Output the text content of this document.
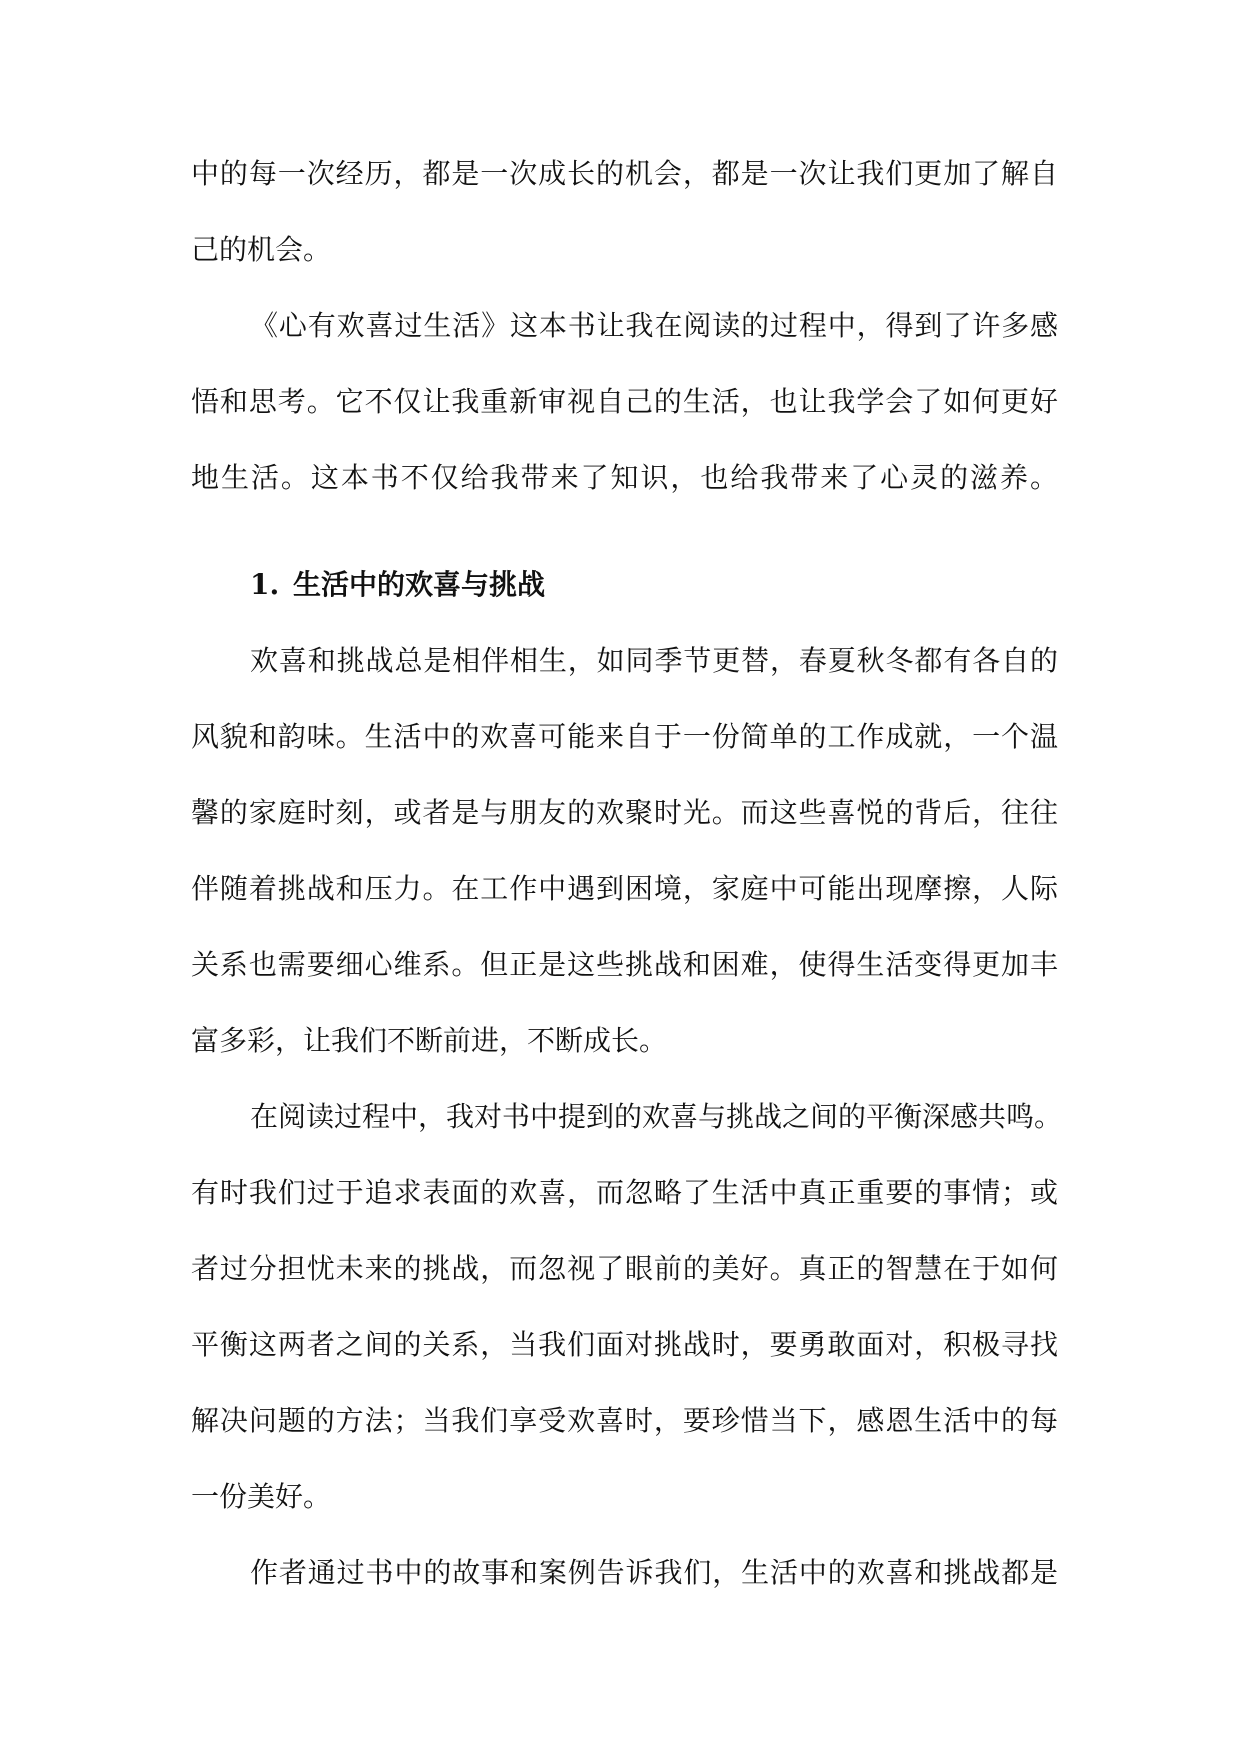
中的每一次经历，都是一次成长的机会，都是一次让我们更加了解自
己的机会。
《心有欢喜过生活》这本书让我在阅读的过程中，得到了许多感
悟和思考。它不仅让我重新审视自己的生活，也让我学会了如何更好
地生活。这本书不仅给我带来了知识，也给我带来了心灵的滋养。
1. 生活中的欢喜与挑战
欢喜和挑战总是相伴相生，如同季节更替，春夏秋冬都有各自的
风貌和韵味。生活中的欢喜可能来自于一份简单的工作成就，一个温
馨的家庭时刻，或者是与朋友的欢聚时光。而这些喜悦的背后，往往
伴随着挑战和压力。在工作中遇到困境，家庭中可能出现摩擦，人际
关系也需要细心维系。但正是这些挑战和困难，使得生活变得更加丰
富多彩，让我们不断前进，不断成长。
在阅读过程中，我对书中提到的欢喜与挑战之间的平衡深感共鸣。
有时我们过于追求表面的欢喜，而忽略了生活中真正重要的事情；或
者过分担忧未来的挑战，而忽视了眼前的美好。真正的智慧在于如何
平衡这两者之间的关系，当我们面对挑战时，要勇敢面对，积极寻找
解决问题的方法；当我们享受欢喜时，要珍惜当下，感恩生活中的每
一份美好。
作者通过书中的故事和案例告诉我们，生活中的欢喜和挑战都是
